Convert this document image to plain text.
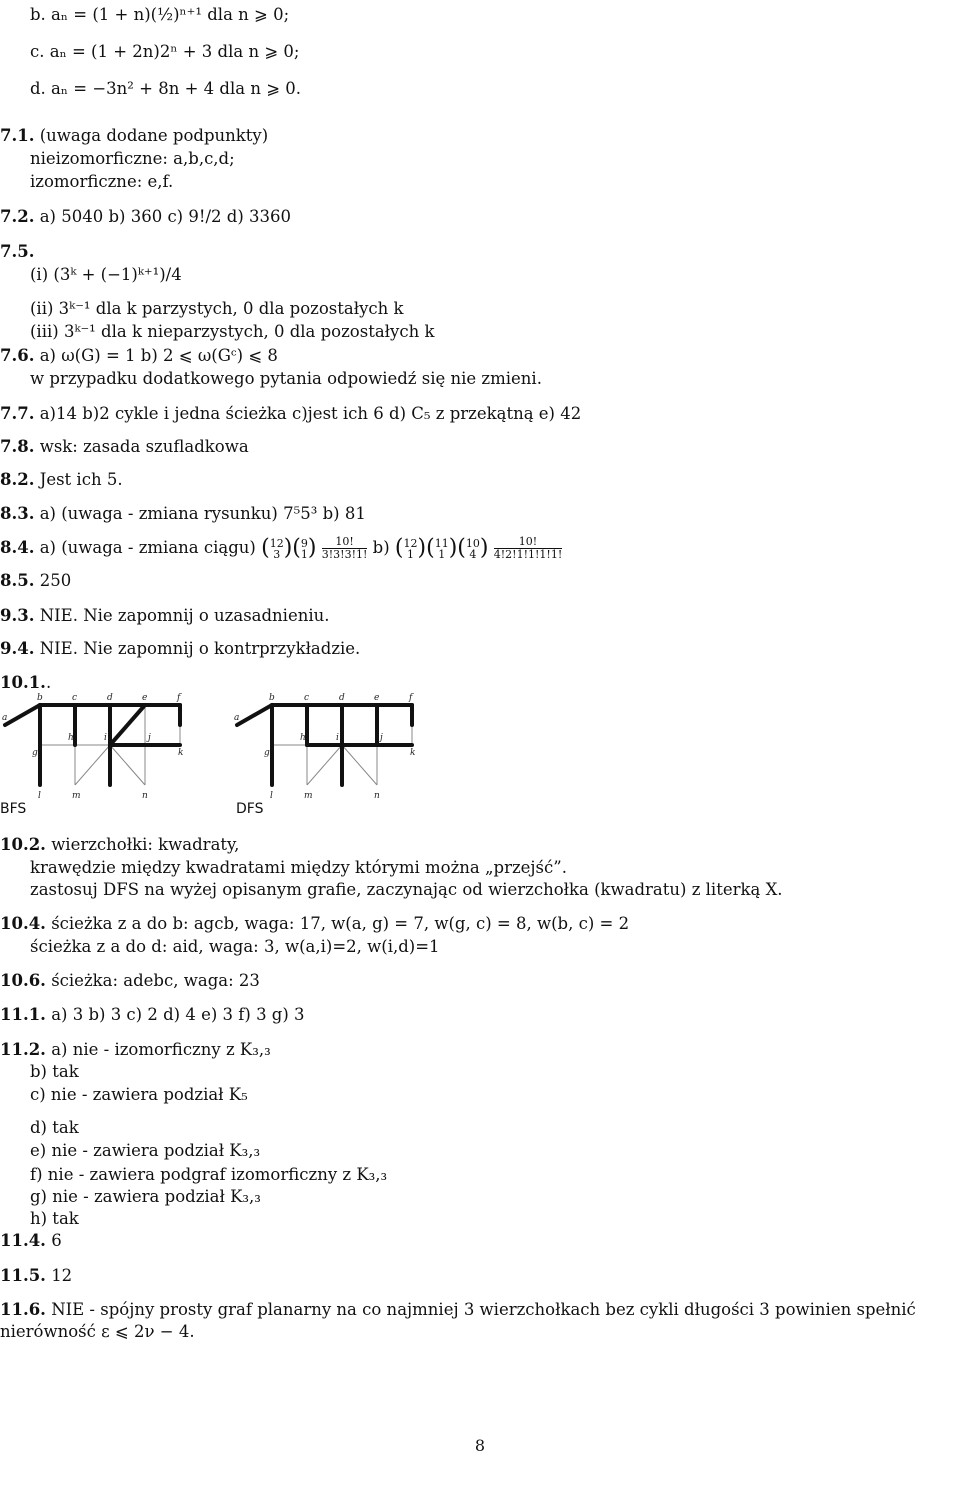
b. aₙ = (1 + n)(½)ⁿ⁺¹ dla n ⩾ 0;
c. aₙ = (1 + 2n)2ⁿ + 3 dla n ⩾ 0;
d. aₙ = −3n² + 8n + 4 dla n ⩾ 0.
7.1. (uwaga dodane podpunkty)
nieizomorficzne: a,b,c,d;
izomorficzne: e,f.
7.2. a) 5040 b) 360 c) 9!/2 d) 3360
7.5.
(i) (3ᵏ + (−1)ᵏ⁺¹)/4
(ii) 3ᵏ⁻¹ dla k parzystych, 0 dla pozostałych k
(iii) 3ᵏ⁻¹ dla k nieparzystych, 0 dla pozostałych k
7.6. a) ω(G) = 1 b) 2 ⩽ ω(Gᶜ) ⩽ 8
w przypadku dodatkowego pytania odpowiedź się nie zmieni.
7.7. a)14 b)2 cykle i jedna ścieżka c)jest ich 6 d) C₅ z przekątną e) 42
7.8. wsk: zasada szufladkowa
8.2. Jest ich 5.
8.3. a) (uwaga - zmiana rysunku) 7⁵5³ b) 81
8.4. a) (uwaga - zmiana ciągu) ( 12
3 )( 9
1 ) $\frac{10!}{3!3!3!1!} b$) ( 12
1 )( 11
1 )( 10
4 ) $\frac{10!}{4!2!1!1!1!1!}$
8.5. 250
9.3. NIE. Nie zapomnij o uzasadnieniu.
9.4. NIE. Nie zapomnij o kontrprzykładzie.
10.1..
a
b	c	d	e	f
g
h	i	j
k
l	m	n
BFS
a
b	c	d	e	f
g
h	i	j
k
l	m	n
DFS
10.2. wierzchołki: kwadraty,
krawędzie między kwadratami między którymi można „przejść”.
zastosuj DFS na wyżej opisanym grafie, zaczynając od wierzchołka (kwadratu) z literką X.
10.4. ścieżka z a do b: agcb, waga: 17, w(a, g) = 7, w(g, c) = 8, w(b, c) = 2
ścieżka z a do d: aid, waga: 3, w(a,i)=2, w(i,d)=1
10.6. ścieżka: adebc, waga: 23
11.1. a) 3 b) 3 c) 2 d) 4 e) 3 f) 3 g) 3
11.2. a) nie - izomorficzny z K₃,₃
b) tak
c) nie - zawiera podział K₅
d) tak
e) nie - zawiera podział K₃,₃
f) nie - zawiera podgraf izomorficzny z K₃,₃
g) nie - zawiera podział K₃,₃
h) tak
11.4. 6
11.5. 12
11.6. NIE - spójny prosty graf planarny na co najmniej 3 wierzchołkach bez cykli długości 3 powinien spełnić
nierówność ε ⩽ 2ν − 4.
8
